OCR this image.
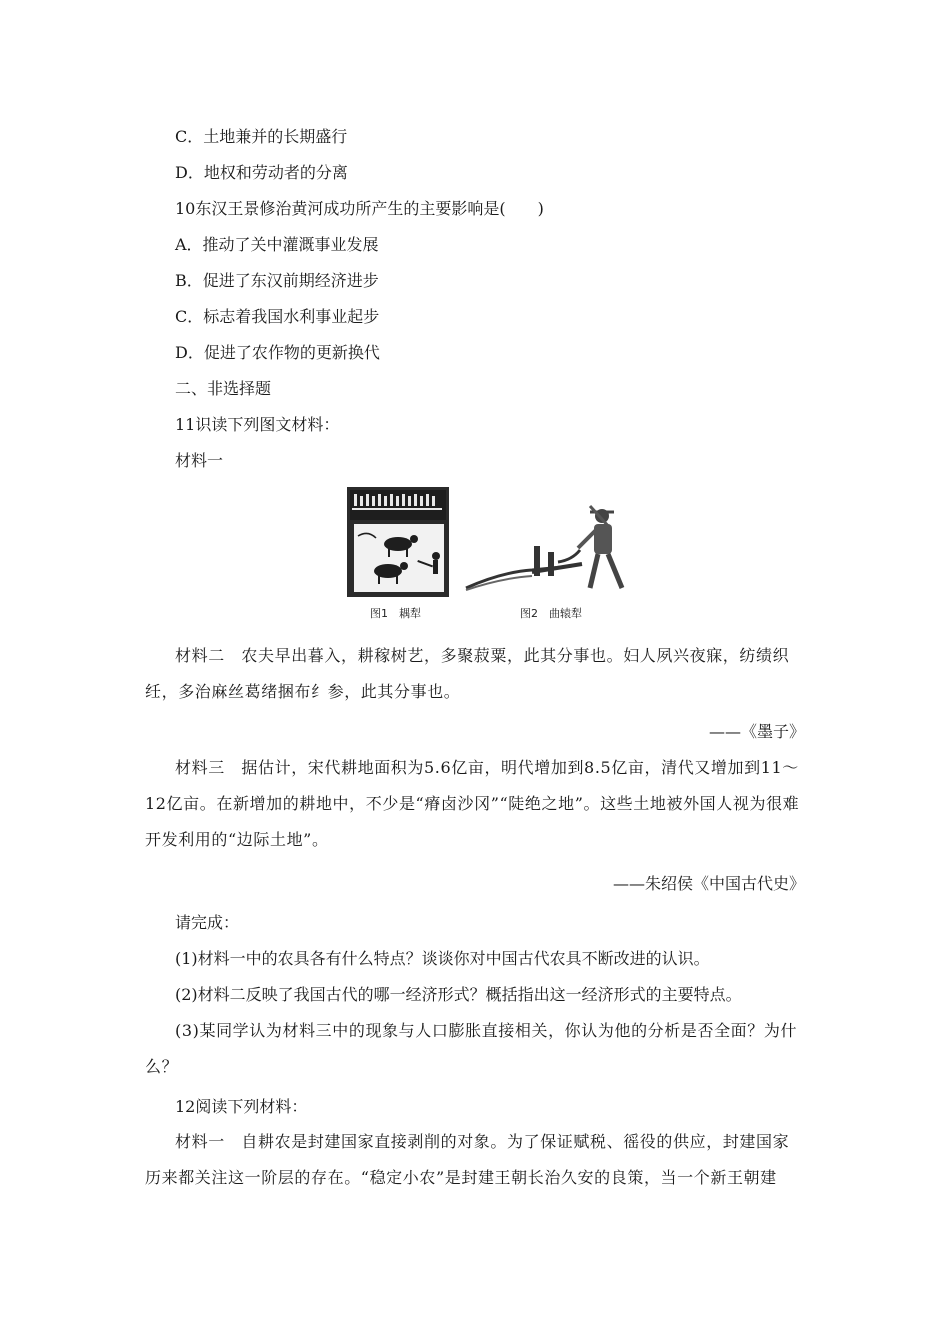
C．土地兼并的长期盛行
D．地权和劳动者的分离
10东汉王景修治黄河成功所产生的主要影响是(　　)
A．推动了关中灌溉事业发展
B．促进了东汉前期经济进步
C．标志着我国水利事业起步
D．促进了农作物的更新换代
二、非选择题
11识读下列图文材料：
材料一
图1　耦犁	图2　曲辕犁
材料二　农夫早出暮入，耕稼树艺，多聚菽粟，此其分事也。妇人夙兴夜寐，纺绩织纴，多治麻丝葛绪捆布纟参，此其分事也。
——《墨子》
材料三　据估计，宋代耕地面积为5.6亿亩，明代增加到8.5亿亩，清代又增加到11～12亿亩。在新增加的耕地中，不少是“瘠卤沙冈”“陡绝之地”。这些土地被外国人视为很难开发利用的“边际土地”。
——朱绍侯《中国古代史》
请完成：
(1)材料一中的农具各有什么特点？谈谈你对中国古代农具不断改进的认识。
(2)材料二反映了我国古代的哪一经济形式？概括指出这一经济形式的主要特点。
(3)某同学认为材料三中的现象与人口膨胀直接相关，你认为他的分析是否全面？为什么？
12阅读下列材料：
材料一　自耕农是封建国家直接剥削的对象。为了保证赋税、徭役的供应，封建国家历来都关注这一阶层的存在。“稳定小农”是封建王朝长治久安的良策，当一个新王朝建
